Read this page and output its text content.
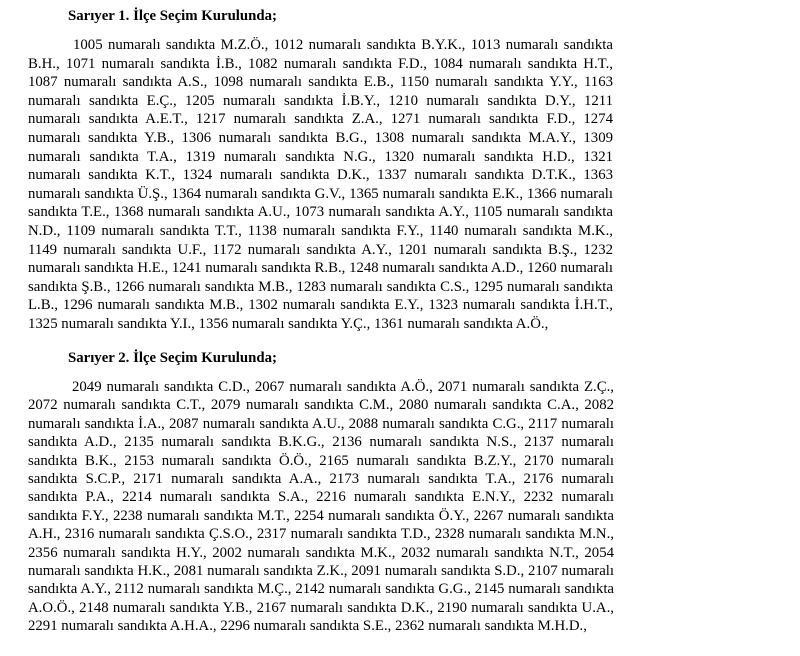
Sarıyer 1. İlçe Seçim Kurulunda;

1005 numaralı sandıkta M.Z.Ö., 1012 numaralı sandıkta B.Y.K., 1013 numaralı sandıkta B.H., 1071 numaralı sandıkta İ.B., 1082 numaralı sandıkta F.D., 1084 numaralı sandıkta H.T., 1087 numaralı sandıkta A.S., 1098 numaralı sandıkta E.B., 1150 numaralı sandıkta Y.Y., 1163 numaralı sandıkta E.Ç., 1205 numaralı sandıkta İ.B.Y., 1210 numaralı sandıkta D.Y., 1211 numaralı sandıkta A.E.T., 1217 numaralı sandıkta Z.A., 1271 numaralı sandıkta F.D., 1274 numaralı sandıkta Y.B., 1306 numaralı sandıkta B.G., 1308 numaralı sandıkta M.A.Y., 1309 numaralı sandıkta T.A., 1319 numaralı sandıkta N.G., 1320 numaralı sandıkta H.D., 1321 numaralı sandıkta K.T., 1324 numaralı sandıkta D.K., 1337 numaralı sandıkta D.T.K., 1363 numaralı sandıkta Ü.Ş., 1364 numaralı sandıkta G.V., 1365 numaralı sandıkta E.K., 1366 numaralı sandıkta T.E., 1368 numaralı sandıkta A.U., 1073 numaralı sandıkta A.Y., 1105 numaralı sandıkta N.D., 1109 numaralı sandıkta T.T., 1138 numaralı sandıkta F.Y., 1140 numaralı sandıkta M.K., 1149 numaralı sandıkta U.F., 1172 numaralı sandıkta A.Y., 1201 numaralı sandıkta B.Ş., 1232 numaralı sandıkta H.E., 1241 numaralı sandıkta R.B., 1248 numaralı sandıkta A.D., 1260 numaralı sandıkta Ş.B., 1266 numaralı sandıkta M.B., 1283 numaralı sandıkta C.S., 1295 numaralı sandıkta L.B., 1296 numaralı sandıkta M.B., 1302 numaralı sandıkta E.Y., 1323 numaralı sandıkta İ.H.T., 1325 numaralı sandıkta Y.I., 1356 numaralı sandıkta Y.Ç., 1361 numaralı sandıkta A.Ö.,

Sarıyer 2. İlçe Seçim Kurulunda;

2049 numaralı sandıkta C.D., 2067 numaralı sandıkta A.Ö., 2071 numaralı sandıkta Z.Ç., 2072 numaralı sandıkta C.T., 2079 numaralı sandıkta C.M., 2080 numaralı sandıkta C.A., 2082 numaralı sandıkta İ.A., 2087 numaralı sandıkta A.U., 2088 numaralı sandıkta C.G., 2117 numaralı sandıkta A.D., 2135 numaralı sandıkta B.K.G., 2136 numaralı sandıkta N.S., 2137 numaralı sandıkta B.K., 2153 numaralı sandıkta Ö.Ö., 2165 numaralı sandıkta B.Z.Y., 2170 numaralı sandıkta S.C.P., 2171 numaralı sandıkta A.A., 2173 numaralı sandıkta T.A., 2176 numaralı sandıkta P.A., 2214 numaralı sandıkta S.A., 2216 numaralı sandıkta E.N.Y., 2232 numaralı sandıkta F.Y., 2238 numaralı sandıkta M.T., 2254 numaralı sandıkta Ö.Y., 2267 numaralı sandıkta A.H., 2316 numaralı sandıkta Ç.S.O., 2317 numaralı sandıkta T.D., 2328 numaralı sandıkta M.N., 2356 numaralı sandıkta H.Y., 2002 numaralı sandıkta M.K., 2032 numaralı sandıkta N.T., 2054 numaralı sandıkta H.K., 2081 numaralı sandıkta Z.K., 2091 numaralı sandıkta S.D., 2107 numaralı sandıkta A.Y., 2112 numaralı sandıkta M.Ç., 2142 numaralı sandıkta G.G., 2145 numaralı sandıkta A.O.Ö., 2148 numaralı sandıkta Y.B., 2167 numaralı sandıkta D.K., 2190 numaralı sandıkta U.A., 2291 numaralı sandıkta A.H.A., 2296 numaralı sandıkta S.E., 2362 numaralı sandıkta M.H.D.,
